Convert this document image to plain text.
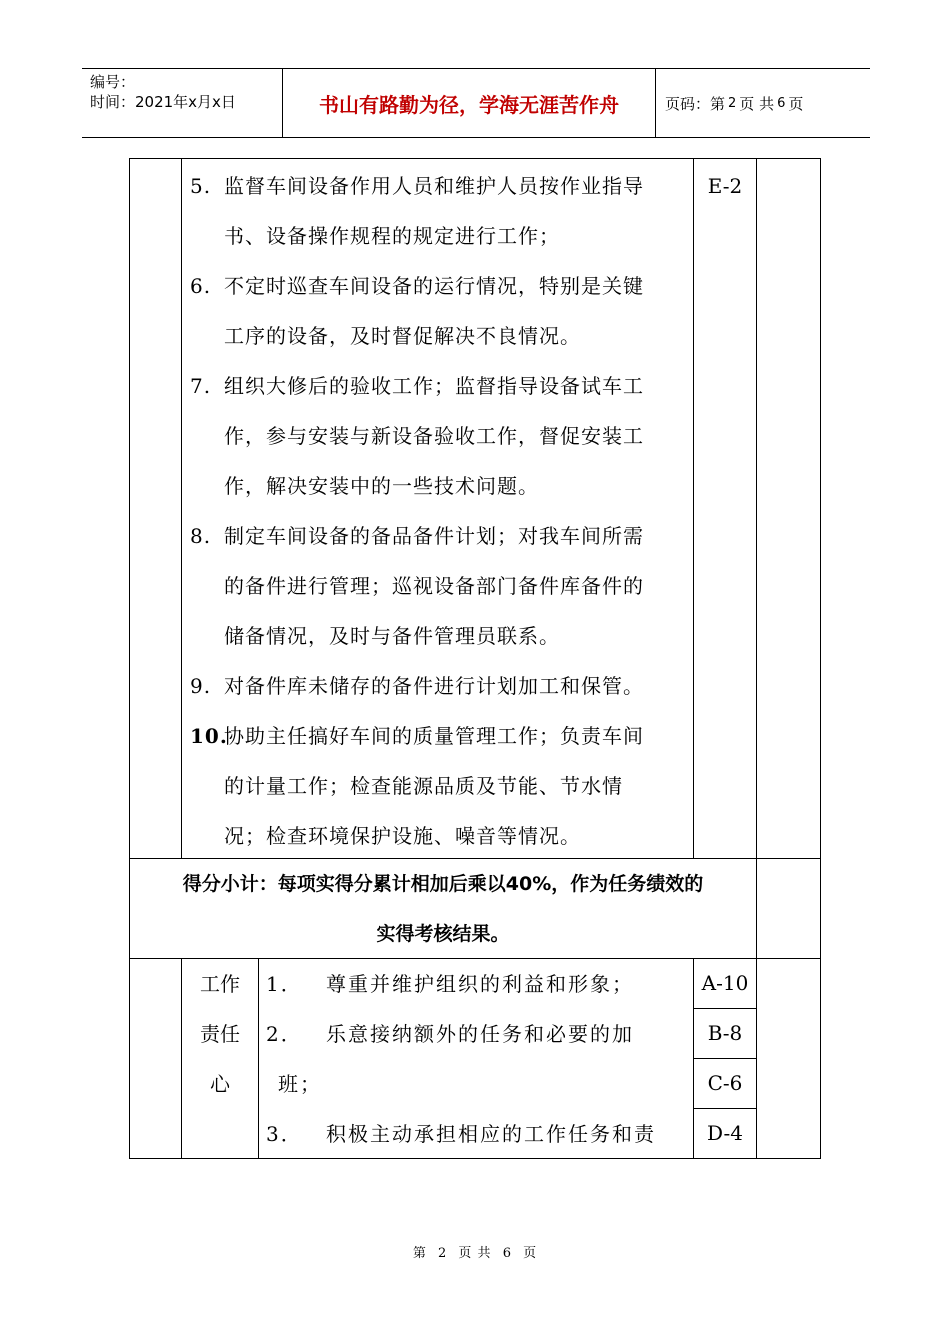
编号：
时间：2021年x月x日	书山有路勤为径，学海无涯苦作舟	页码：第 2 页 共 6 页
5. 监督车间设备作用人员和维护人员按作业指导
书、设备操作规程的规定进行工作；
6. 不定时巡查车间设备的运行情况，特别是关键
工序的设备，及时督促解决不良情况。
7. 组织大修后的验收工作；监督指导设备试车工
作，参与安装与新设备验收工作，督促安装工
作，解决安装中的一些技术问题。
8. 制定车间设备的备品备件计划；对我车间所需
的备件进行管理；巡视设备部门备件库备件的
储备情况，及时与备件管理员联系。
9. 对备件库未储存的备件进行计划加工和保管。
10.
协助主任搞好车间的质量管理工作；负责车间
的计量工作；检查能源品质及节能、节水情
况；检查环境保护设施、噪音等情况。
E-2
得分小计：每项实得分累计相加后乘以40%，作为任务绩效的
实得考核结果。
工作
责任
心
1． 尊重并维护组织的利益和形象；
2． 乐意接纳额外的任务和必要的加
班；
3． 积极主动承担相应的工作任务和责
A-10
B-8
C-6
D-4
第 2 页 共 6 页
